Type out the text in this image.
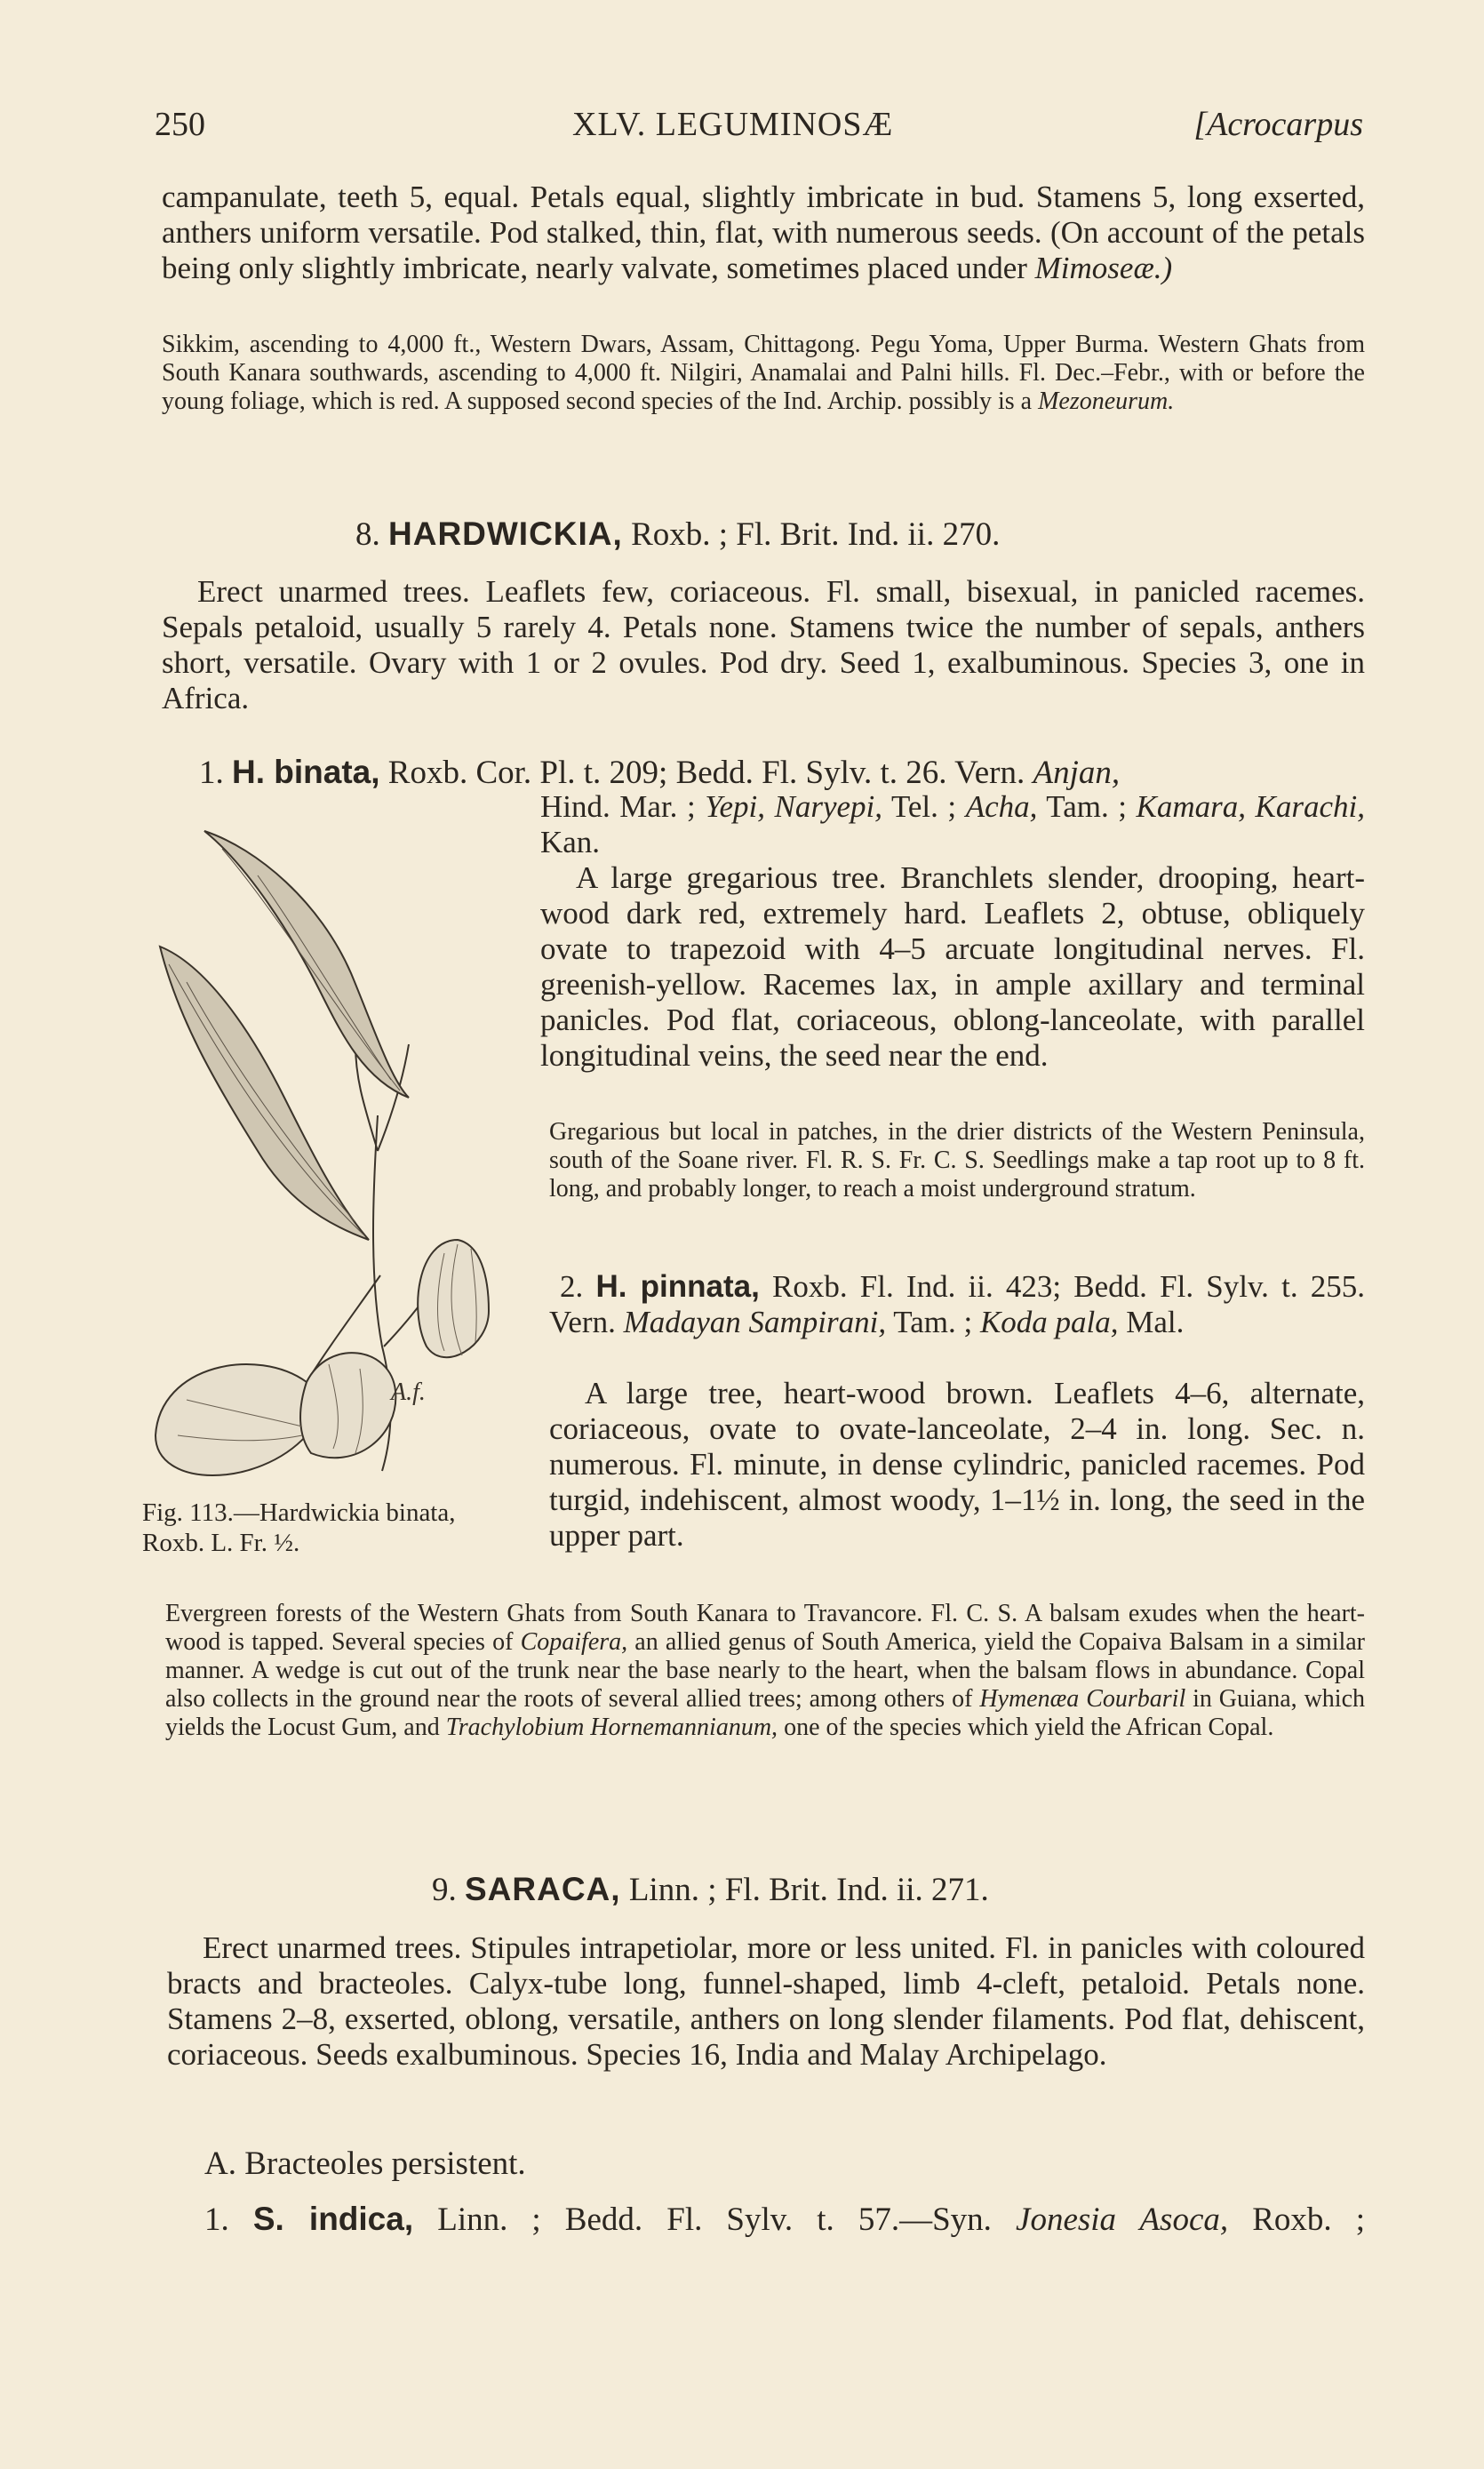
250	XLV. LEGUMINOSÆ	[Acrocarpus
campanulate, teeth 5, equal. Petals equal, slightly imbricate in bud. Stamens 5, long exserted, anthers uniform versatile. Pod stalked, thin, flat, with numerous seeds. (On account of the petals being only slightly imbricate, nearly valvate, sometimes placed under Mimoseæ.)
Sikkim, ascending to 4,000 ft., Western Dwars, Assam, Chittagong. Pegu Yoma, Upper Burma. Western Ghats from South Kanara southwards, ascending to 4,000 ft. Nilgiri, Anamalai and Palni hills. Fl. Dec.–Febr., with or before the young foliage, which is red. A supposed second species of the Ind. Archip. possibly is a Mezoneurum.
8. HARDWICKIA, Roxb. ; Fl. Brit. Ind. ii. 270.
Erect unarmed trees. Leaflets few, coriaceous. Fl. small, bisexual, in panicled racemes. Sepals petaloid, usually 5 rarely 4. Petals none. Stamens twice the number of sepals, anthers short, versatile. Ovary with 1 or 2 ovules. Pod dry. Seed 1, exalbuminous. Species 3, one in Africa.
1. H. binata, Roxb. Cor. Pl. t. 209; Bedd. Fl. Sylv. t. 26. Vern. Anjan,
Hind. Mar. ; Yepi, Naryepi, Tel. ; Acha, Tam. ; Kamara, Karachi, Kan.
A large gregarious tree. Branchlets slender, drooping, heart-wood dark red, extremely hard. Leaflets 2, obtuse, obliquely ovate to trapezoid with 4–5 arcuate longitudinal nerves. Fl. greenish-yellow. Racemes lax, in ample axillary and terminal panicles. Pod flat, coriaceous, oblong-lanceolate, with parallel longitudinal veins, the seed near the end.
Gregarious but local in patches, in the drier districts of the Western Peninsula, south of the Soane river. Fl. R. S. Fr. C. S. Seedlings make a tap root up to 8 ft. long, and probably longer, to reach a moist underground stratum.
2. H. pinnata, Roxb. Fl. Ind. ii. 423; Bedd. Fl. Sylv. t. 255. Vern. Madayan Sampirani, Tam. ; Koda pala, Mal.
A large tree, heart-wood brown. Leaflets 4–6, alternate, coriaceous, ovate to ovate-lanceolate, 2–4 in. long. Sec. n. numerous. Fl. minute, in dense cylindric, panicled racemes. Pod turgid, indehiscent, almost woody, 1–1½ in. long, the seed in the upper part.
A.f.
Fig. 113.—Hardwickia binata, Roxb. L. Fr. ½.
Evergreen forests of the Western Ghats from South Kanara to Travancore. Fl. C. S. A balsam exudes when the heart-wood is tapped. Several species of Copaifera, an allied genus of South America, yield the Copaiva Balsam in a similar manner. A wedge is cut out of the trunk near the base nearly to the heart, when the balsam flows in abundance. Copal also collects in the ground near the roots of several allied trees; among others of Hymenæa Courbaril in Guiana, which yields the Locust Gum, and Trachylobium Hornemannianum, one of the species which yield the African Copal.
9. SARACA, Linn. ; Fl. Brit. Ind. ii. 271.
Erect unarmed trees. Stipules intrapetiolar, more or less united. Fl. in panicles with coloured bracts and bracteoles. Calyx-tube long, funnel-shaped, limb 4-cleft, petaloid. Petals none. Stamens 2–8, exserted, oblong, versatile, anthers on long slender filaments. Pod flat, dehiscent, coriaceous. Seeds exalbuminous. Species 16, India and Malay Archipelago.
A. Bracteoles persistent.
1. S. indica, Linn. ; Bedd. Fl. Sylv. t. 57.—Syn. Jonesia Asoca, Roxb. ;
